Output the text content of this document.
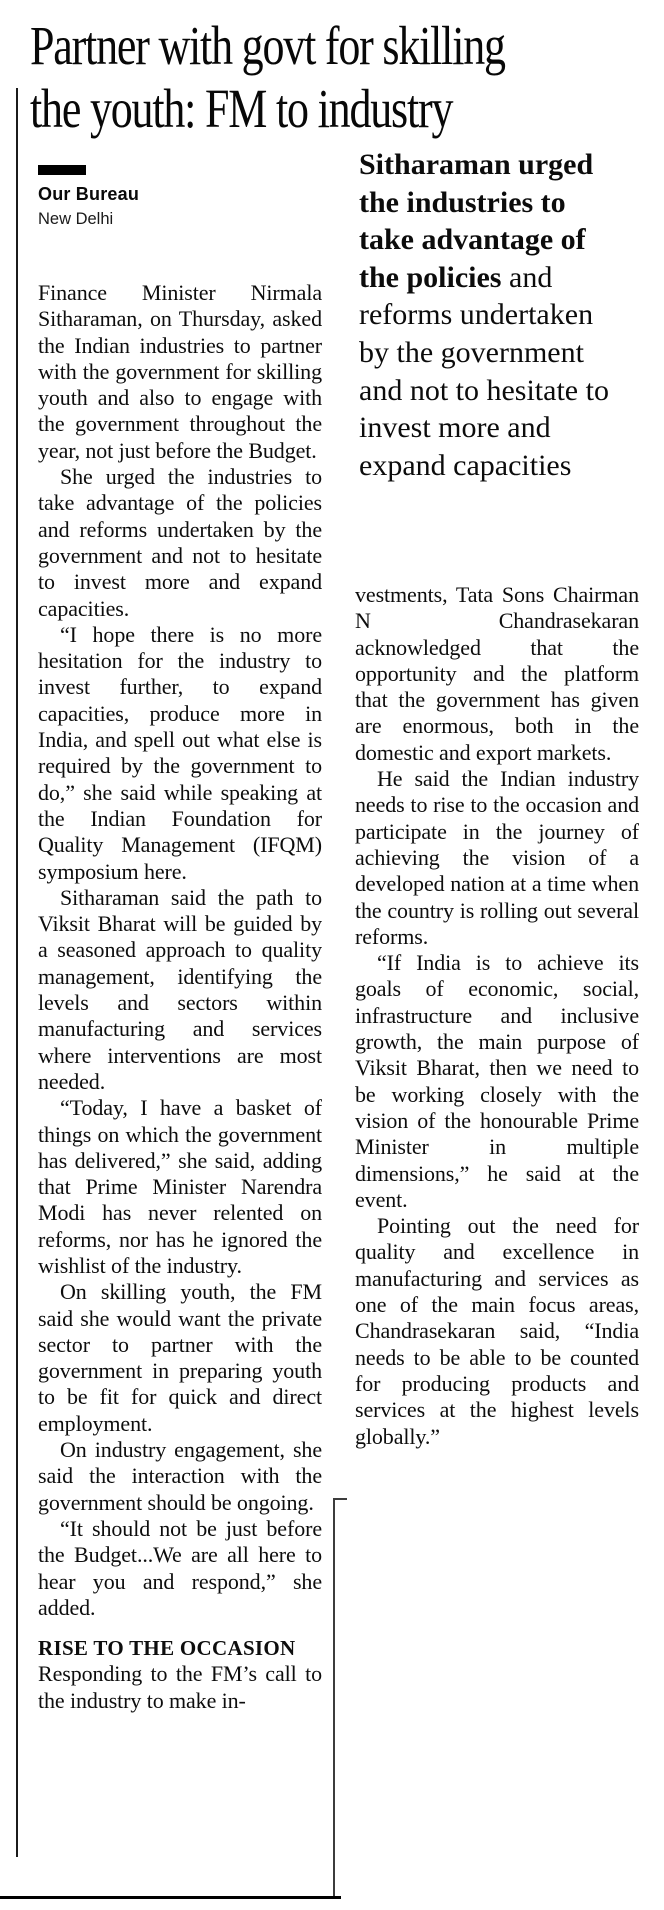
Partner with govt for skilling
the youth: FM to industry

Our Bureau

New Delhi

Sitharaman urged the industries to take advantage of the policies and reforms undertaken by the government and not to hesitate to invest more and expand capacities

Finance Minister Nirmala Sitharaman, on Thursday, asked the Indian industries to partner with the government for skilling youth and also to engage with the government throughout the year, not just before the Budget.

She urged the industries to take advantage of the policies and reforms undertaken by the government and not to hesitate to invest more and expand capacities.

“I hope there is no more hesitation for the industry to invest further, to expand capacities, produce more in India, and spell out what else is required by the government to do,” she said while speaking at the Indian Foundation for Quality Management (IFQM) symposium here.

Sitharaman said the path to Viksit Bharat will be guided by a seasoned approach to quality management, identifying the levels and sectors within manufacturing and services where interventions are most needed.

“Today, I have a basket of things on which the government has delivered,” she said, adding that Prime Minister Narendra Modi has never relented on reforms, nor has he ignored the wishlist of the industry.

On skilling youth, the FM said she would want the private sector to partner with the government in preparing youth to be fit for quick and direct employment.

On industry engagement, she said the interaction with the government should be ongoing.

“It should not be just before the Budget...We are all here to hear you and respond,” she added.

RISE TO THE OCCASION

Responding to the FM’s call to the industry to make in-

vestments, Tata Sons Chairman N Chandrasekaran acknowledged that the opportunity and the platform that the government has given are enormous, both in the domestic and export markets.

He said the Indian industry needs to rise to the occasion and participate in the journey of achieving the vision of a developed nation at a time when the country is rolling out several reforms.

“If India is to achieve its goals of economic, social, infrastructure and inclusive growth, the main purpose of Viksit Bharat, then we need to be working closely with the vision of the honourable Prime Minister in multiple dimensions,” he said at the event.

Pointing out the need for quality and excellence in manufacturing and services as one of the main focus areas, Chandrasekaran said, “India needs to be able to be counted for producing products and services at the highest levels globally.”
